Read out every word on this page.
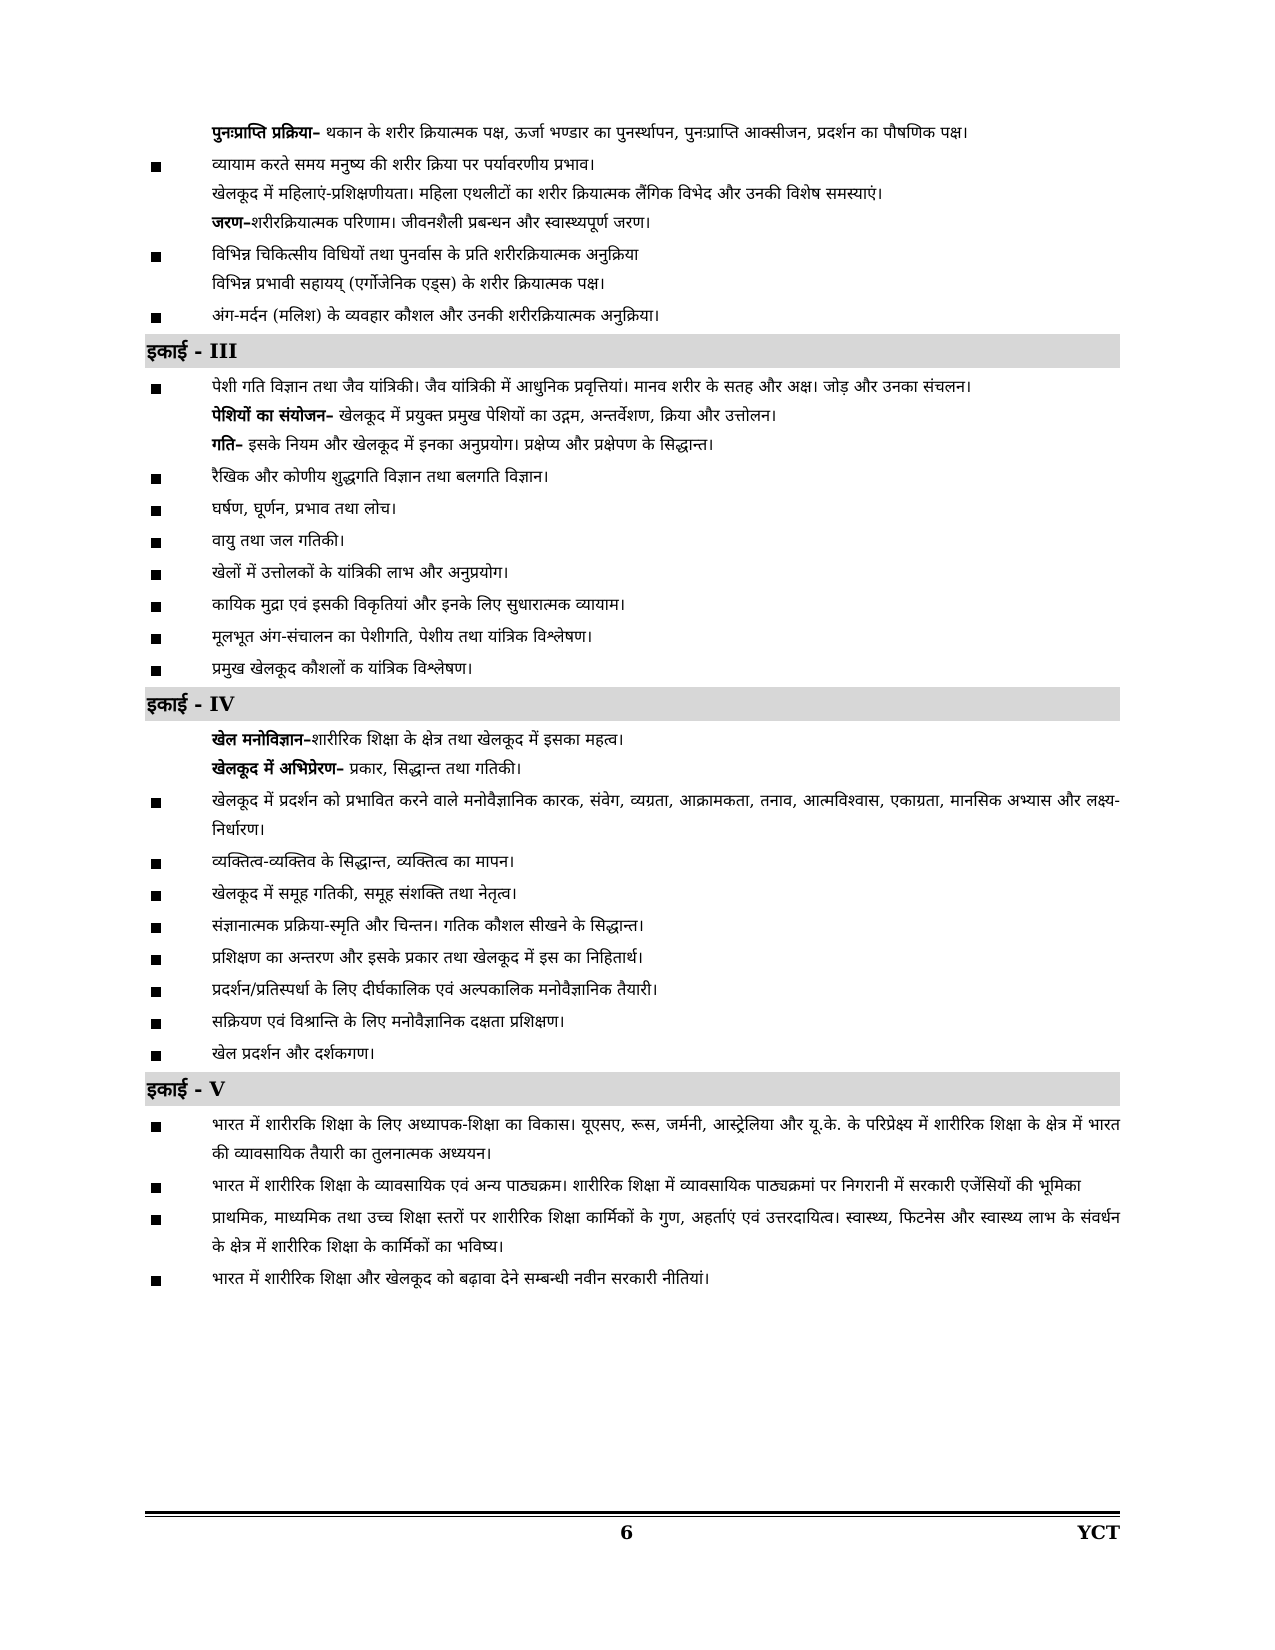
पुनःप्राप्ति प्रक्रिया– थकान के शरीर क्रियात्मक पक्ष, ऊर्जा भण्डार का पुनर्स्थापन, पुनःप्राप्ति आक्सीजन, प्रदर्शन का पौषणिक पक्ष।
व्यायाम करते समय मनुष्य की शरीर क्रिया पर पर्यावरणीय प्रभाव।
खेलकूद में महिलाएं-प्रशिक्षणीयता। महिला एथलीटों का शरीर क्रियात्मक लैंगिक विभेद और उनकी विशेष समस्याएं।
जरण–शरीरक्रियात्मक परिणाम। जीवनशैली प्रबन्धन और स्वास्थ्यपूर्ण जरण।
विभिन्न चिकित्सीय विधियों तथा पुनर्वास के प्रति शरीरक्रियात्मक अनुक्रिया
विभिन्न प्रभावी सहायय् (एर्गोजेनिक एड्स) के शरीर क्रियात्मक पक्ष।
अंग-मर्दन (मलिश) के व्यवहार कौशल और उनकी शरीरक्रियात्मक अनुक्रिया।
इकाई - III
पेशी गति विज्ञान तथा जैव यांत्रिकी। जैव यांत्रिकी में आधुनिक प्रवृत्तियां। मानव शरीर के सतह और अक्ष। जोड़ और उनका संचलन।
पेशियों का संयोजन– खेलकूद में प्रयुक्त प्रमुख पेशियों का उद्गम, अन्तर्वेशण, क्रिया और उत्तोलन।
गति– इसके नियम और खेलकूद में इनका अनुप्रयोग। प्रक्षेप्य और प्रक्षेपण के सिद्धान्त।
रैखिक और कोणीय शुद्धगति विज्ञान तथा बलगति विज्ञान।
घर्षण, घूर्णन, प्रभाव तथा लोच।
वायु तथा जल गतिकी।
खेलों में उत्तोलकों के यांत्रिकी लाभ और अनुप्रयोग।
कायिक मुद्रा एवं इसकी विकृतियां और इनके लिए सुधारात्मक व्यायाम।
मूलभूत अंग-संचालन का पेशीगति, पेशीय तथा यांत्रिक विश्लेषण।
प्रमुख खेलकूद कौशलों क यांत्रिक विश्लेषण।
इकाई - IV
खेल मनोविज्ञान–शारीरिक शिक्षा के क्षेत्र तथा खेलकूद में इसका महत्व।
खेलकूद में अभिप्रेरण– प्रकार, सिद्धान्त तथा गतिकी।
खेलकूद में प्रदर्शन को प्रभावित करने वाले मनोवैज्ञानिक कारक, संवेग, व्यग्रता, आक्रामकता, तनाव, आत्मविश्वास, एकाग्रता, मानसिक अभ्यास और लक्ष्य-निर्धारण।
व्यक्तित्व-व्यक्तिव के सिद्धान्त, व्यक्तित्व का मापन।
खेलकूद में समूह गतिकी, समूह संशक्ति तथा नेतृत्व।
संज्ञानात्मक प्रक्रिया-स्मृति और चिन्तन। गतिक कौशल सीखने के सिद्धान्त।
प्रशिक्षण का अन्तरण और इसके प्रकार तथा खेलकूद में इस का निहितार्थ।
प्रदर्शन/प्रतिस्पर्धा के लिए दीर्घकालिक एवं अल्पकालिक मनोवैज्ञानिक तैयारी।
सक्रियण एवं विश्रान्ति के लिए मनोवैज्ञानिक दक्षता प्रशिक्षण।
खेल प्रदर्शन और दर्शकगण।
इकाई - V
भारत में शारीरकि शिक्षा के लिए अध्यापक-शिक्षा का विकास। यूएसए, रूस, जर्मनी, आस्ट्रेलिया और यू.के. के परिप्रेक्ष्य में शारीरिक शिक्षा के क्षेत्र में भारत की व्यावसायिक तैयारी का तुलनात्मक अध्ययन।
भारत में शारीरिक शिक्षा के व्यावसायिक एवं अन्य पाठ्यक्रम। शारीरिक शिक्षा में व्यावसायिक पाठ्यक्रमां पर निगरानी में सरकारी एजेंसियों की भूमिका
प्राथमिक, माध्यमिक तथा उच्च शिक्षा स्तरों पर शारीरिक शिक्षा कार्मिकों के गुण, अहर्ताएं एवं उत्तरदायित्व। स्वास्थ्य, फिटनेस और स्वास्थ्य लाभ के संवर्धन के क्षेत्र में शारीरिक शिक्षा के कार्मिकों का भविष्य।
भारत में शारीरिक शिक्षा और खेलकूद को बढ़ावा देने सम्बन्धी नवीन सरकारी नीतियां।
6	YCT
